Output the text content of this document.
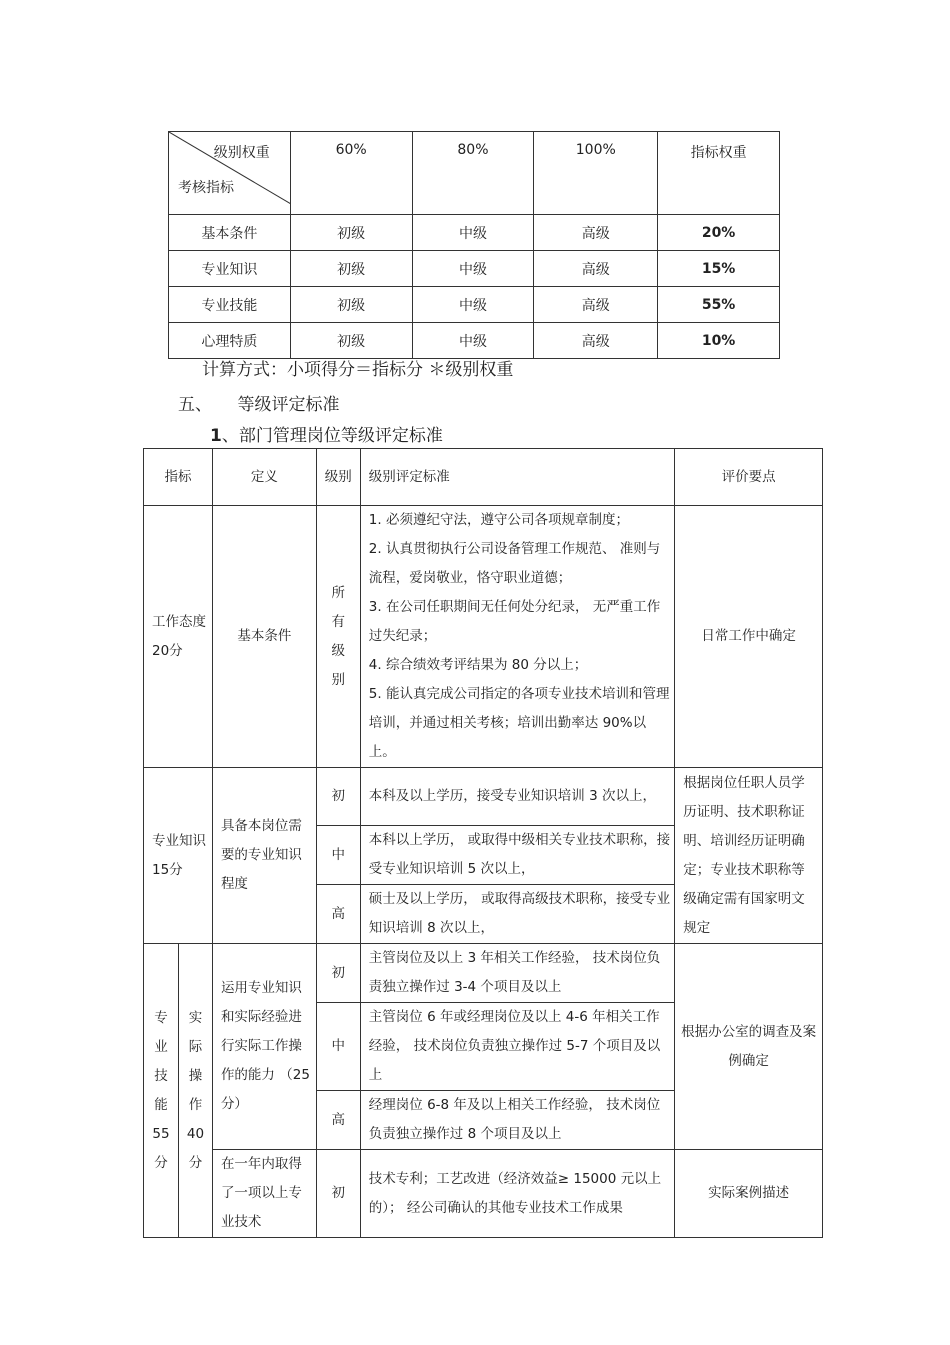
级别权重
考核指标	60%	80%	100%	指标权重
基本条件	初级	中级	高级	20%
专业知识	初级	中级	高级	15%
专业技能	初级	中级	高级	55%
心理特质	初级	中级	高级	10%
计算方式：小项得分＝指标分 ＊级别权重
五、　　等级评定标准
1、部门管理岗位等级评定标准
指标		定义	级别	级别评定标准	评价要点
工作态度 20分		基本条件	所有级别	1. 必须遵纪守法，遵守公司各项规章制度；
2. 认真贯彻执行公司设备管理工作规范、 准则与流程，爱岗敬业，恪守职业道德；
3. 在公司任职期间无任何处分纪录， 无严重工作过失纪录；
4. 综合绩效考评结果为 80 分以上；
5. 能认真完成公司指定的各项专业技术培训和管理培训，并通过相关考核；培训出勤率达 90%以上。	日常工作中确定
专业知识 15分		具备本岗位需要的专业知识程度	初	本科及以上学历，接受专业知识培训 3 次以上，	根据岗位任职人员学历证明、技术职称证明、培训经历证明确定；专业技术职称等级确定需有国家明文规定
			中	本科以上学历， 或取得中级相关专业技术职称，接受专业知识培训 5 次以上，	
			高	硕士及以上学历， 或取得高级技术职称，接受专业知识培训 8 次以上，	
专业技能55分	实际操作40分	运用专业知识和实际经验进行实际工作操作的能力 （25分）	初	主管岗位及以上 3 年相关工作经验， 技术岗位负责独立操作过 3-4 个项目及以上	根据办公室的调查及案例确定
			中	主管岗位 6 年或经理岗位及以上 4-6 年相关工作经验， 技术岗位负责独立操作过 5-7 个项目及以上	
			高	经理岗位 6-8 年及以上相关工作经验， 技术岗位负责独立操作过 8 个项目及以上	
		在一年内取得了一项以上专业技术	初	技术专利；工艺改进（经济效益≥ 15000 元以上的）； 经公司确认的其他专业技术工作成果	实际案例描述
